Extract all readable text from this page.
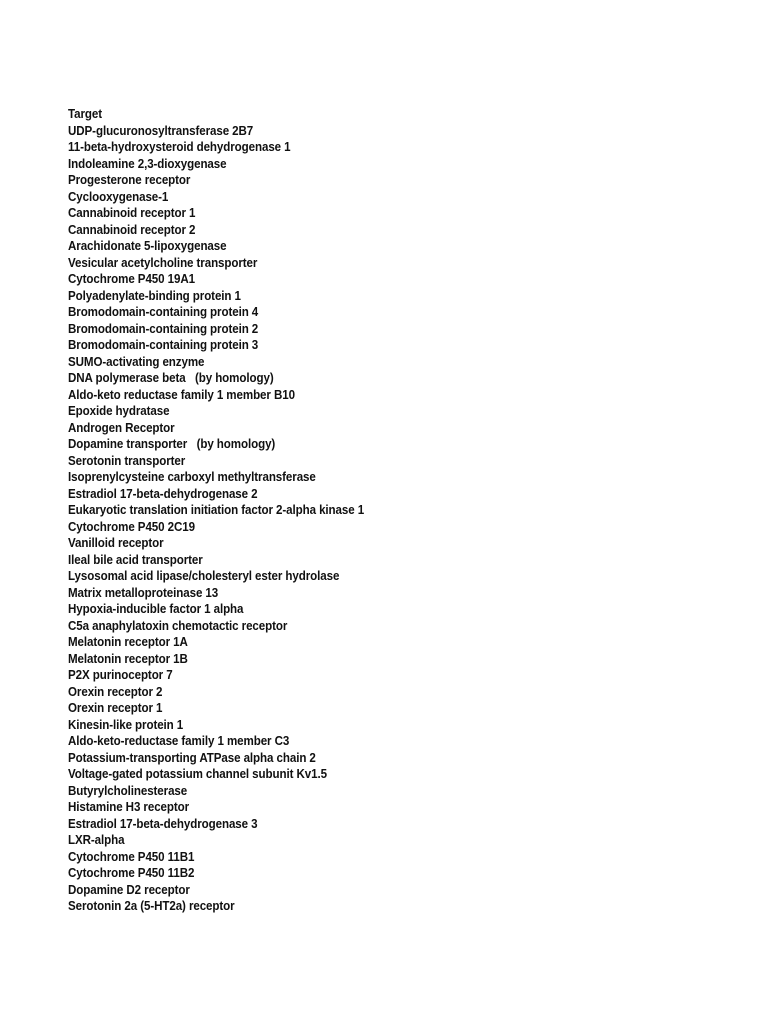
Target
UDP-glucuronosyltransferase 2B7
11-beta-hydroxysteroid dehydrogenase 1
Indoleamine 2,3-dioxygenase
Progesterone receptor
Cyclooxygenase-1
Cannabinoid receptor 1
Cannabinoid receptor 2
Arachidonate 5-lipoxygenase
Vesicular acetylcholine transporter
Cytochrome P450 19A1
Polyadenylate-binding protein 1
Bromodomain-containing protein 4
Bromodomain-containing protein 2
Bromodomain-containing protein 3
SUMO-activating enzyme
DNA polymerase beta   (by homology)
Aldo-keto reductase family 1 member B10
Epoxide hydratase
Androgen Receptor
Dopamine transporter   (by homology)
Serotonin transporter
Isoprenylcysteine carboxyl methyltransferase
Estradiol 17-beta-dehydrogenase 2
Eukaryotic translation initiation factor 2-alpha kinase 1
Cytochrome P450 2C19
Vanilloid receptor
Ileal bile acid transporter
Lysosomal acid lipase/cholesteryl ester hydrolase
Matrix metalloproteinase 13
Hypoxia-inducible factor 1 alpha
C5a anaphylatoxin chemotactic receptor
Melatonin receptor 1A
Melatonin receptor 1B
P2X purinoceptor 7
Orexin receptor 2
Orexin receptor 1
Kinesin-like protein 1
Aldo-keto-reductase family 1 member C3
Potassium-transporting ATPase alpha chain 2
Voltage-gated potassium channel subunit Kv1.5
Butyrylcholinesterase
Histamine H3 receptor
Estradiol 17-beta-dehydrogenase 3
LXR-alpha
Cytochrome P450 11B1
Cytochrome P450 11B2
Dopamine D2 receptor
Serotonin 2a (5-HT2a) receptor
